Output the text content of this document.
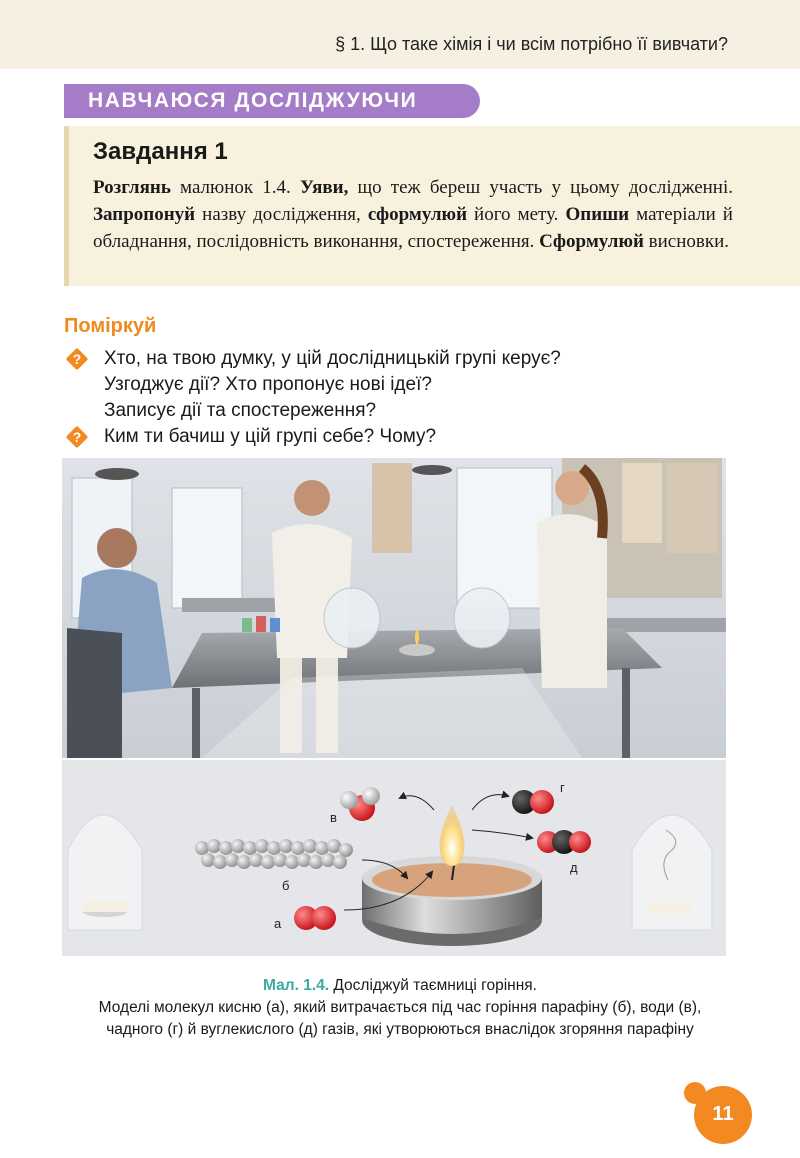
§ 1. Що таке хімія і чи всім потрібно її вивчати?
НАВЧАЮСЯ ДОСЛІДЖУЮЧИ
Завдання 1
Розглянь малюнок 1.4. Уяви, що теж береш участь у цьому дослідженні. Запропонуй назву дослідження, сформулюй його мету. Опиши матеріали й обладнання, послідовність виконання, спостереження. Сформулюй висновки.
Поміркуй
? Хто, на твою думку, у цій дослідницькій групі керує?
Узгоджує дії? Хто пропонує нові ідеї?
Записує дії та спостереження?
? Ким ти бачиш у цій групі себе? Чому?
а
б
в
г
д
Мал. 1.4. Досліджуй таємниці горіння.
Моделі молекул кисню (а), який витрачається під час горіння парафіну (б), води (в),
чадного (г) й вуглекислого (д) газів, які утворюються внаслідок згоряння парафіну
11
